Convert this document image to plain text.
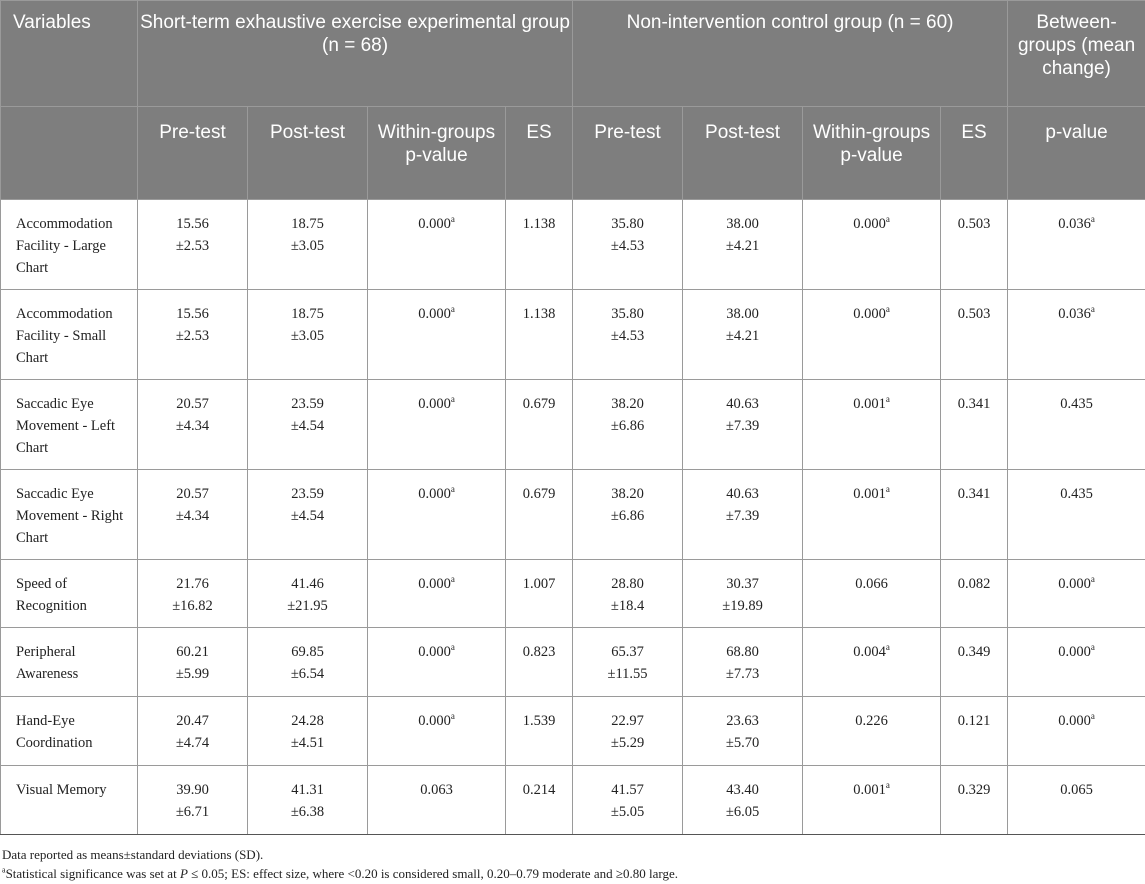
Variables	Short-term exhaustive exercise experimental group (n = 68)				Non-intervention control group (n = 60)				Between-groups (mean change)
	Pre-test	Post-test	Within-groups p-value	ES	Pre-test	Post-test	Within-groups p-value	ES	p-value
Accommodation Facility - Large Chart	15.56
±2.53	18.75
±3.05	0.000$^a$	1.138	35.80
±4.53	38.00
±4.21	0.000$^a$	0.503	0.036$^a$
Accommodation Facility - Small Chart	15.56
±2.53	18.75
±3.05	0.000$^a$	1.138	35.80
±4.53	38.00
±4.21	0.000$^a$	0.503	0.036$^a$
Saccadic Eye Movement - Left Chart	20.57
±4.34	23.59
±4.54	0.000$^a$	0.679	38.20
±6.86	40.63
±7.39	0.001$^a$	0.341	0.435
Saccadic Eye Movement - Right Chart	20.57
±4.34	23.59
±4.54	0.000$^a$	0.679	38.20
±6.86	40.63
±7.39	0.001$^a$	0.341	0.435
Speed of Recognition	21.76
±16.82	41.46
±21.95	0.000$^a$	1.007	28.80
±18.4	30.37
±19.89	0.066	0.082	0.000$^a$
Peripheral Awareness	60.21
±5.99	69.85
±6.54	0.000$^a$	0.823	65.37
±11.55	68.80
±7.73	0.004$^a$	0.349	0.000$^a$
Hand-Eye Coordination	20.47
±4.74	24.28
±4.51	0.000$^a$	1.539	22.97
±5.29	23.63
±5.70	0.226	0.121	0.000$^a$
Visual Memory	39.90
±6.71	41.31
±6.38	0.063	0.214	41.57
±5.05	43.40
±6.05	0.001$^a$	0.329	0.065

Data reported as means±standard deviations (SD).

$^a$Statistical significance was set at P ≤ 0.05; ES: effect size, where <0.20 is considered small, 0.20–0.79 moderate and ≥0.80 large.
